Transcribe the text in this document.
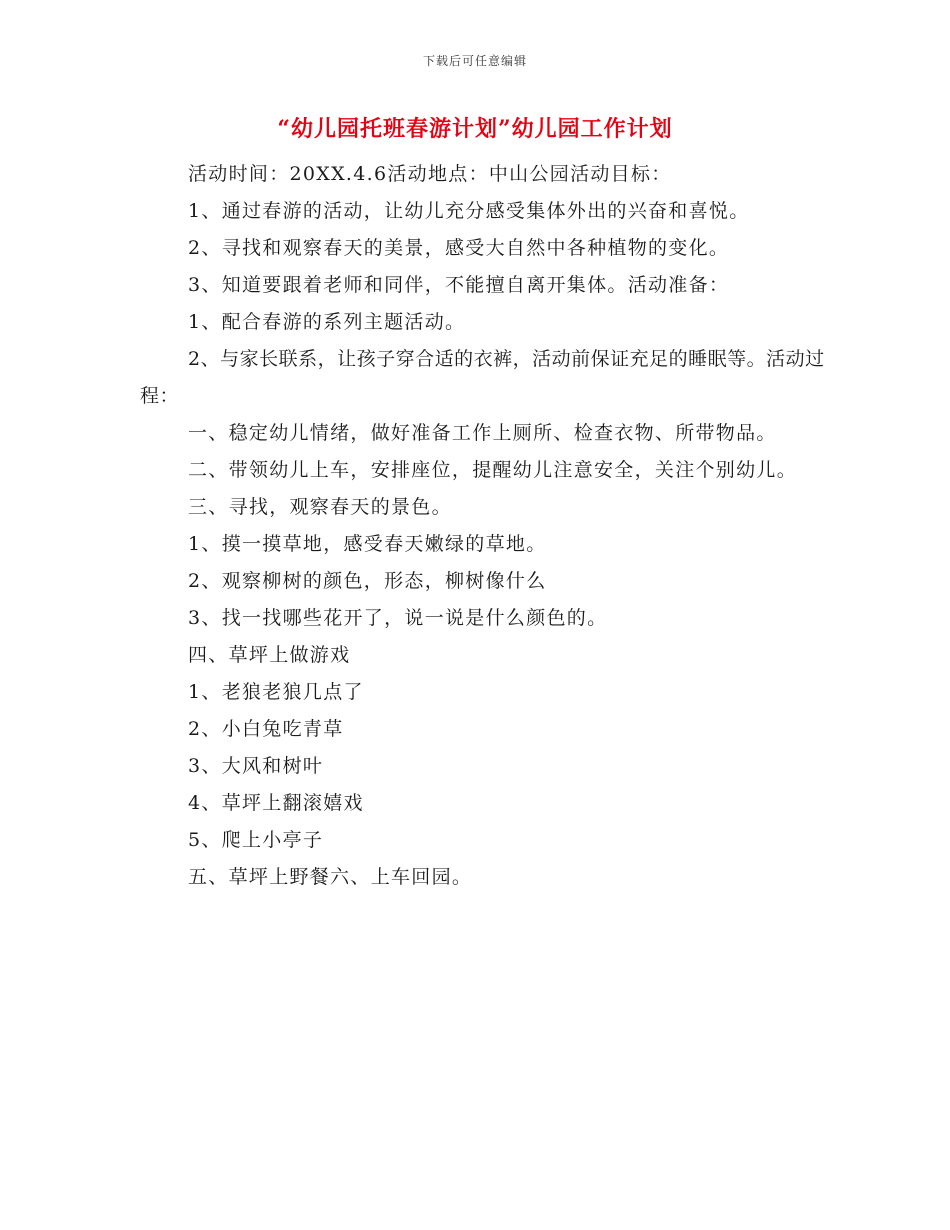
下载后可任意编辑
“幼儿园托班春游计划”幼儿园工作计划

活动时间：20XX.4.6活动地点：中山公园活动目标：

1、通过春游的活动，让幼儿充分感受集体外出的兴奋和喜悦。

2、寻找和观察春天的美景，感受大自然中各种植物的变化。

3、知道要跟着老师和同伴，不能擅自离开集体。活动准备：

1、配合春游的系列主题活动。

2、与家长联系，让孩子穿合适的衣裤，活动前保证充足的睡眠等。活动过程：

一、稳定幼儿情绪，做好准备工作上厕所、检查衣物、所带物品。

二、带领幼儿上车，安排座位，提醒幼儿注意安全，关注个别幼儿。

三、寻找，观察春天的景色。

1、摸一摸草地，感受春天嫩绿的草地。

2、观察柳树的颜色，形态，柳树像什么

3、找一找哪些花开了，说一说是什么颜色的。

四、草坪上做游戏

1、老狼老狼几点了

2、小白兔吃青草

3、大风和树叶

4、草坪上翻滚嬉戏

5、爬上小亭子

五、草坪上野餐六、上车回园。
